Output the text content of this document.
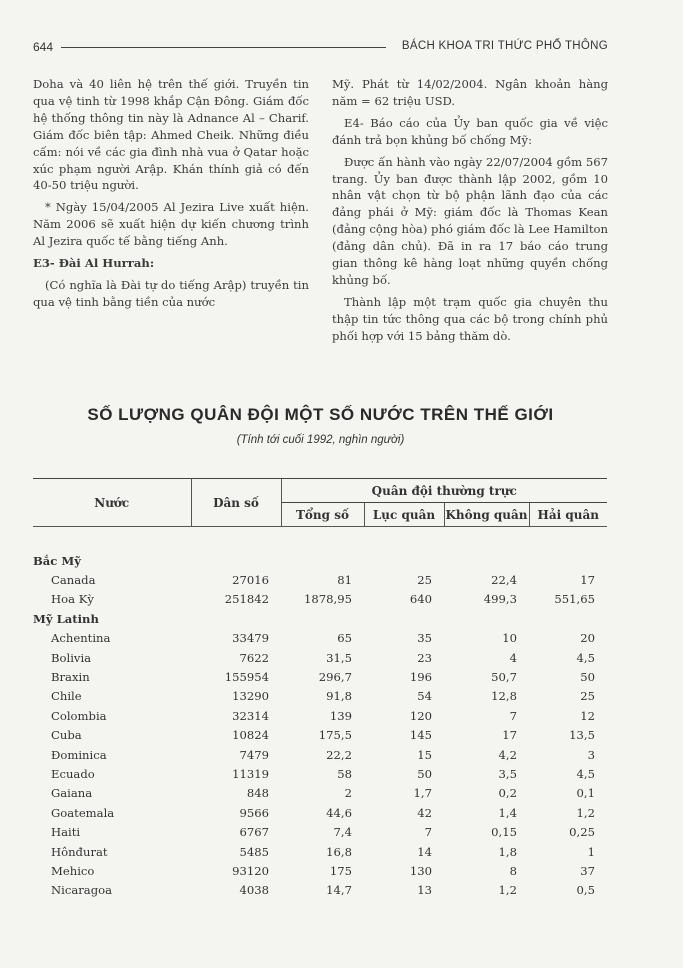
644	BÁCH KHOA TRI THỨC PHỔ THÔNG

Doha và 40 liên hệ trên thế giới. Truyền tin qua vệ tinh từ 1998 khắp Cận Đông. Giám đốc hệ thống thông tin này là Adnance Al – Charif. Giám đốc biên tập: Ahmed Cheik. Những điều cấm: nói về các gia đình nhà vua ở Qatar hoặc xúc phạm người Arập. Khán thính giả có đến 40-50 triệu người.

* Ngày 15/04/2005 Al Jezira Live xuất hiện. Năm 2006 sẽ xuất hiện dự kiến chương trình Al Jezira quốc tế bằng tiếng Anh.

E3- Đài Al Hurrah:

(Có nghĩa là Đài tự do tiếng Arập) truyền tin qua vệ tinh bằng tiền của nước

Mỹ. Phát từ 14/02/2004. Ngân khoản hàng năm = 62 triệu USD.

E4- Báo cáo của Ủy ban quốc gia về việc đánh trả bọn khủng bố chống Mỹ:

Được ấn hành vào ngày 22/07/2004 gồm 567 trang. Ủy ban được thành lập 2002, gồm 10 nhân vật chọn từ bộ phận lãnh đạo của các đảng phái ở Mỹ: giám đốc là Thomas Kean (đảng cộng hòa) phó giám đốc là Lee Hamilton (đảng dân chủ). Đã in ra 17 báo cáo trung gian thông kê hàng loạt những quyền chống khủng bố.

Thành lập một trạm quốc gia chuyên thu thập tin tức thông qua các bộ trong chính phủ phối hợp với 15 bảng thăm dò.

SỐ LƯỢNG QUÂN ĐỘI MỘT SỐ NƯỚC TRÊN THẾ GIỚI
(Tính tới cuối 1992, nghìn người)
Nước	Dân số	Quân đội thường trực			
		Tổng số	Lục quân	Không quân	Hải quân

Bắc Mỹ					
Canada	27016	81	25	22,4	17
Hoa Kỳ	251842	1878,95	640	499,3	551,65
Mỹ Latinh					
Achentina	33479	65	35	10	20
Bolivia	7622	31,5	23	4	4,5
Braxin	155954	296,7	196	50,7	50
Chile	13290	91,8	54	12,8	25
Colombia	32314	139	120	7	12
Cuba	10824	175,5	145	17	13,5
Đominica	7479	22,2	15	4,2	3
Ecuado	11319	58	50	3,5	4,5
Gaiana	848	2	1,7	0,2	0,1
Goatemala	9566	44,6	42	1,4	1,2
Haiti	6767	7,4	7	0,15	0,25
Hônđurat	5485	16,8	14	1,8	1
Mehico	93120	175	130	8	37
Nicaragoa	4038	14,7	13	1,2	0,5
